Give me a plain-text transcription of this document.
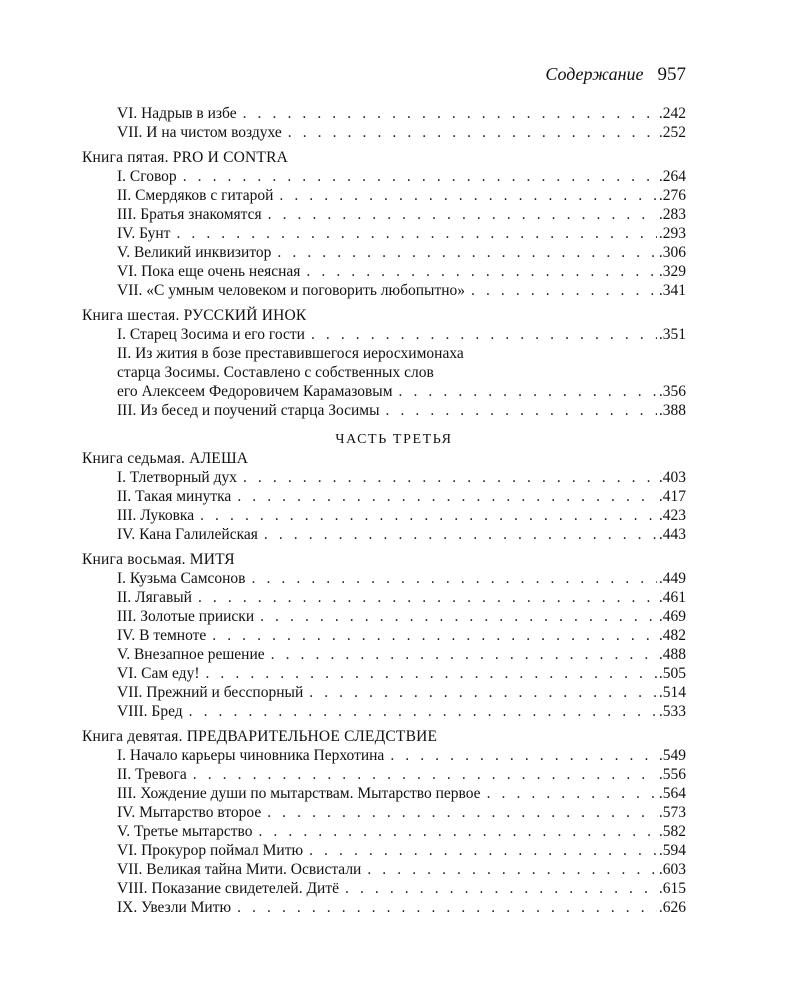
Содержание 957
VI. Надрыв в избе . . .	.242
VII. И на чистом воздухе . . .	.252
Книга пятая. PRO И CONTRA
I. Сговор . . .	.264
II. Смердяков с гитарой . . .	.276
III. Братья знакомятся . . .	.283
IV. Бунт . . .	.293
V. Великий инквизитор . . .	.306
VI. Пока еще очень неясная . . .	.329
VII. «С умным человеком и поговорить любопытно» . . .	.341
Книга шестая. РУССКИЙ ИНОК
I. Старец Зосима и его гости . . .	.351
II. Из жития в бозе преставившегося иеросхимонаха
старца Зосимы. Составлено с собственных слов
его Алексеем Федоровичем Карамазовым . . .	.356
III. Из бесед и поучений старца Зосимы . . .	.388
ЧАСТЬ ТРЕТЬЯ
Книга седьмая. АЛЕША
I. Тлетворный дух . . .	.403
II. Такая минутка . . .	.417
III. Луковка . . .	.423
IV. Кана Галилейская . . .	.443
Книга восьмая. МИТЯ
I. Кузьма Самсонов . . .	.449
II. Лягавый . . .	.461
III. Золотые прииски . . .	.469
IV. В темноте . . .	.482
V. Внезапное решение . . .	.488
VI. Сам еду! . . .	.505
VII. Прежний и бесспорный . . .	.514
VIII. Бред . . .	.533
Книга девятая. ПРЕДВАРИТЕЛЬНОЕ СЛЕДСТВИЕ
I. Начало карьеры чиновника Перхотина . . .	.549
II. Тревога . . .	.556
III. Хождение души по мытарствам. Мытарство первое . . .	.564
IV. Мытарство второе . . .	.573
V. Третье мытарство . . .	.582
VI. Прокурор поймал Митю . . .	.594
VII. Великая тайна Мити. Освистали . . .	.603
VIII. Показание свидетелей. Дитё . . .	.615
IX. Увезли Митю . . .	.626
